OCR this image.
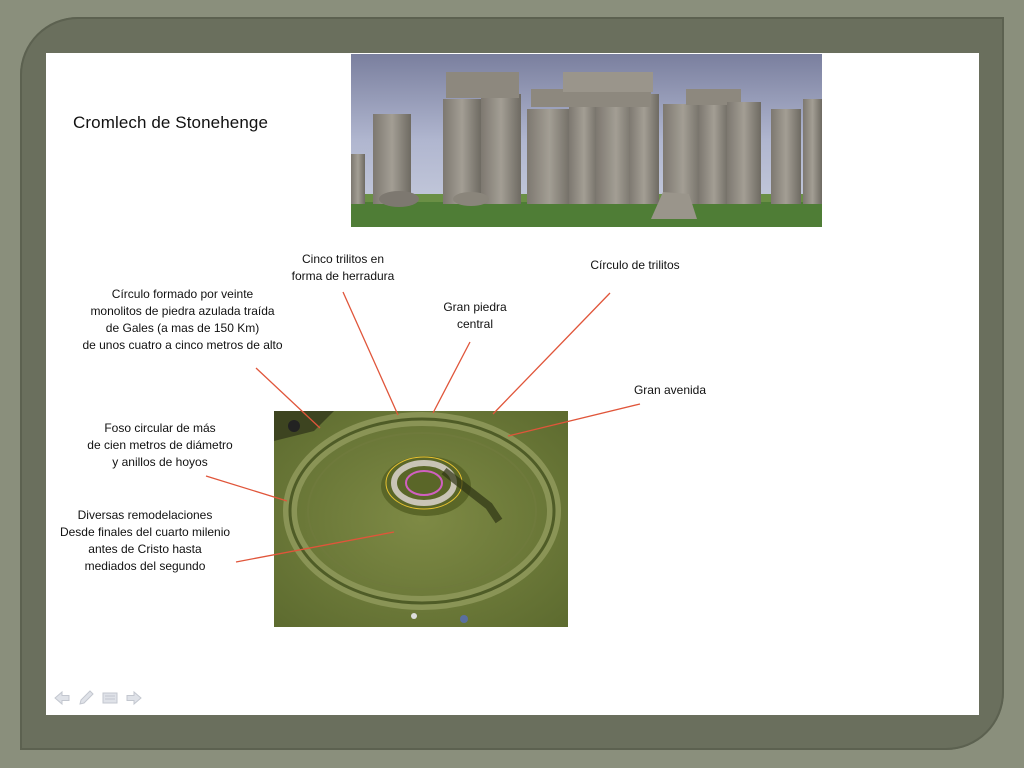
Cromlech de Stonehenge
Cinco trilitos en
forma de herradura
Círculo de trilitos
Círculo formado por veinte
monolitos de piedra azulada traída
de Gales (a mas de 150 Km)
de unos cuatro a cinco metros de alto
Gran piedra
central
Gran avenida
Foso circular de más
de cien metros de diámetro
y anillos de hoyos
Diversas remodelaciones
Desde finales del cuarto milenio
antes de Cristo hasta
mediados del segundo
